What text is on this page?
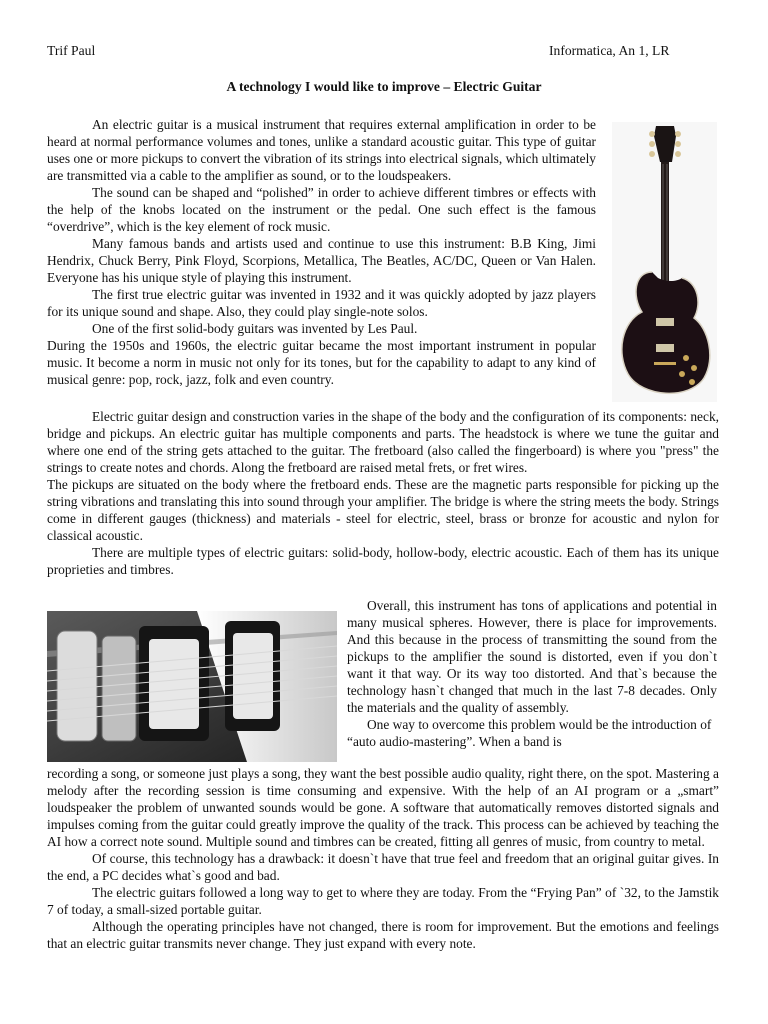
Trif Paul	Informatica, An 1, LR
A technology I would like to improve – Electric Guitar

An electric guitar is a musical instrument that requires external amplification in order to be heard at normal performance volumes and tones, unlike a standard acoustic guitar. This type of guitar uses one or more pickups to convert the vibration of its strings into electrical signals, which ultimately are transmitted via a cable to the amplifier as sound, or to the loudspeakers.

The sound can be shaped and “polished” in order to achieve different timbres or effects with the help of the knobs located on the instrument or the pedal. One such effect is the famous “overdrive”, which is the key element of rock music.

Many famous bands and artists used and continue to use this instrument: B.B King, Jimi Hendrix, Chuck Berry, Pink Floyd, Scorpions, Metallica, The Beatles, AC/DC, Queen or Van Halen. Everyone has his unique style of playing this instrument.

The first true electric guitar was invented in 1932 and it was quickly adopted by jazz players for its unique sound and shape. Also, they could play single-note solos.

One of the first solid-body guitars was invented by Les Paul.

During the 1950s and 1960s, the electric guitar became the most important instrument in popular music. It become a norm in music not only for its tones, but for the capability to adapt to any kind of musical genre: pop, rock, jazz, folk and even country.

Electric guitar design and construction varies in the shape of the body and the configuration of its components: neck, bridge and pickups. An electric guitar has multiple components and parts. The headstock is where we tune the guitar and where one end of the string gets attached to the guitar. The fretboard (also called the fingerboard) is where you "press" the strings to create notes and chords. Along the fretboard are raised metal frets, or fret wires.

The pickups are situated on the body where the fretboard ends. These are the magnetic parts responsible for picking up the string vibrations and translating this into sound through your amplifier. The bridge is where the string meets the body. Strings come in different gauges (thickness) and materials - steel for electric, steel, brass or bronze for acoustic and nylon for classical acoustic.

There are multiple types of electric guitars: solid-body, hollow-body, electric acoustic. Each of them has its unique proprieties and timbres.

Overall, this instrument has tons of applications and potential in many musical spheres. However, there is place for improvements. And this because in the process of transmitting the sound from the pickups to the amplifier the sound is distorted, even if you don`t want it that way. Or its way too distorted. And that`s because the technology hasn`t changed that much in the last 7-8 decades. Only the materials and the quality of assembly.

One way to overcome this problem would be the introduction of “auto audio-mastering”. When a band is

recording a song, or someone just plays a song, they want the best possible audio quality, right there, on the spot. Mastering a melody after the recording session is time consuming and expensive. With the help of an AI program or a „smart” loudspeaker the problem of unwanted sounds would be gone. A software that automatically removes distorted signals and impulses coming from the guitar could greatly improve the quality of the track. This process can be achieved by teaching the AI how a correct note sound. Multiple sound and timbres can be created, fitting all genres of music, from country to metal.

Of course, this technology has a drawback: it doesn`t have that true feel and freedom that an original guitar gives. In the end, a PC decides what`s good and bad.

The electric guitars followed a long way to get to where they are today. From the “Frying Pan” of `32, to the Jamstik 7 of today, a small-sized portable guitar.

Although the operating principles have not changed, there is room for improvement. But the emotions and feelings that an electric guitar transmits never change. They just expand with every note.
